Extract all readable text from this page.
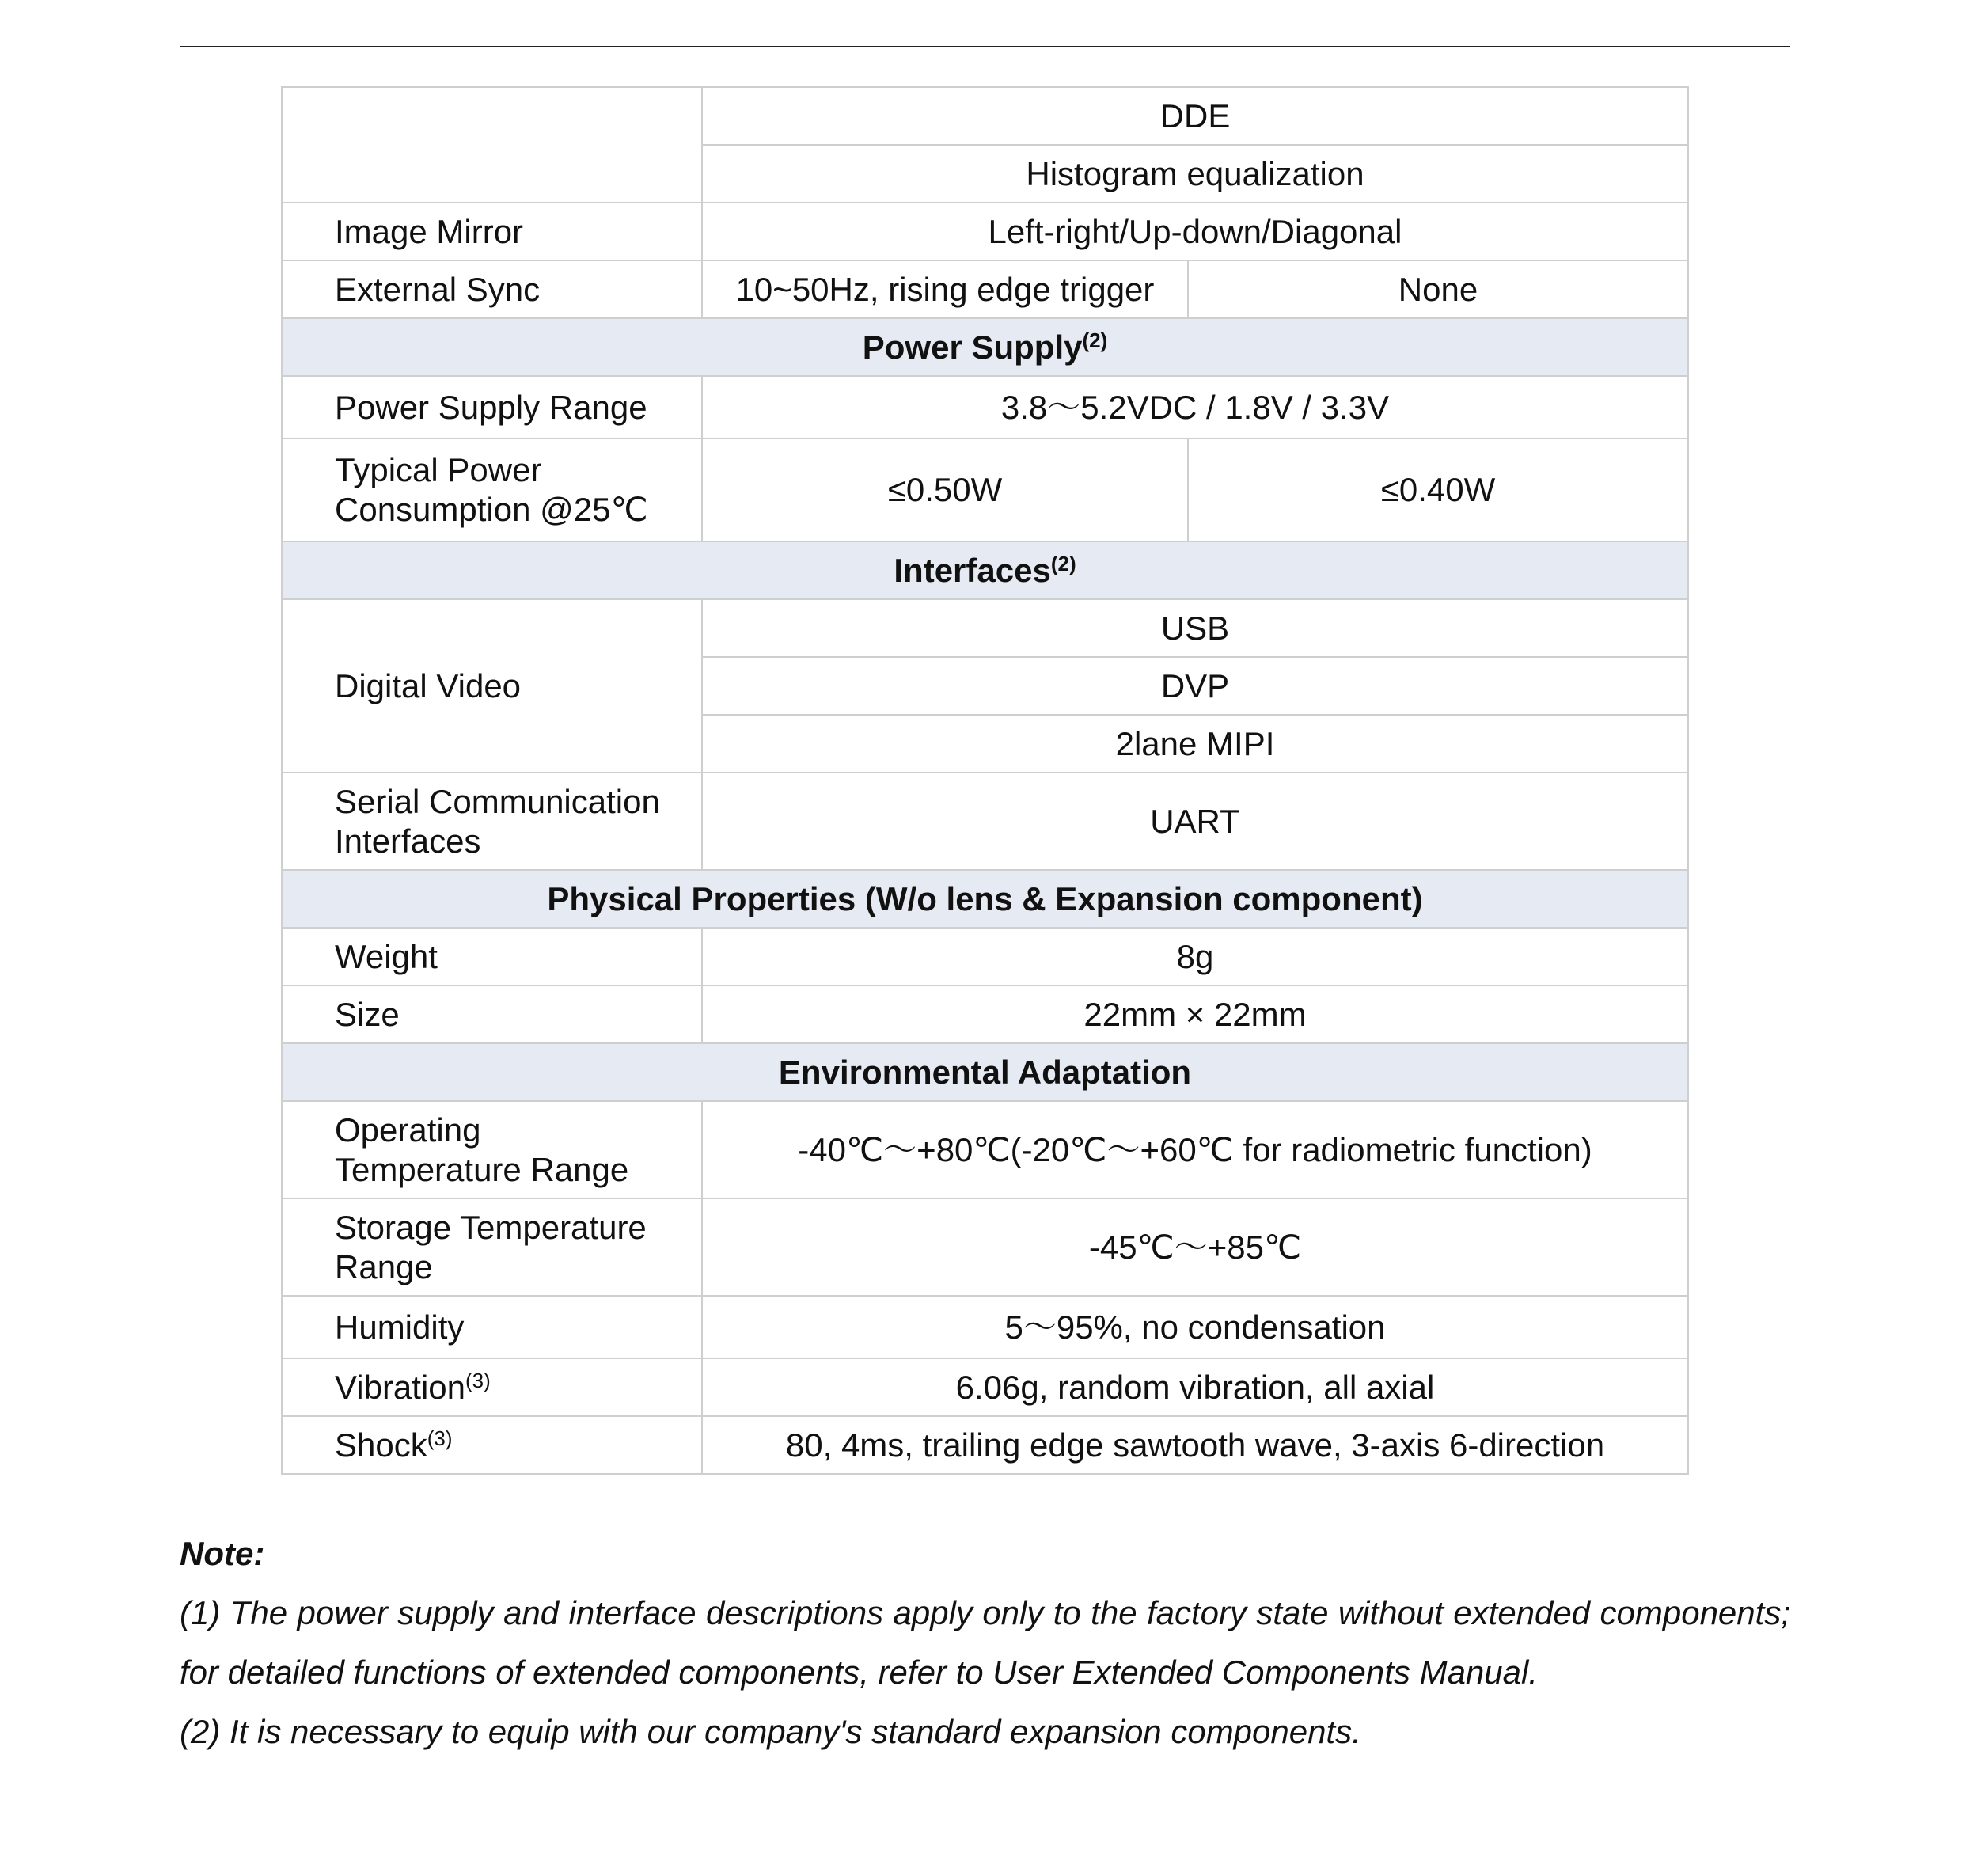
	DDE	
	Histogram equalization	
Image Mirror	Left-right/Up-down/Diagonal	
External Sync	10~50Hz, rising edge trigger	None
Power Supply$^{(2)}$
Power Supply Range	3.8～5.2VDC / 1.8V / 3.3V	

Typical Power
Consumption @25℃	≤0.50W	≤0.40W
Interfaces$^{(2)}$
Digital Video	USB	
	DVP	
	2lane MIPI	

Serial Communication
Interfaces	UART	
Physical Properties (W/o lens & Expansion component)		
Weight	8g	
Size	22mm × 22mm	
Environmental Adaptation		

Operating
Temperature Range	-40℃～+80℃(-20℃～+60℃ for radiometric function)	

Storage Temperature
Range	-45℃～+85℃	
Humidity	5～95%, no condensation	
Vibration$^{(3)}$	6.06g, random vibration, all axial	
Shock$^{(3)}$	80, 4ms, trailing edge sawtooth wave, 3-axis 6-direction	
Note:
(1) The power supply and interface descriptions apply only to the factory state without extended components; for detailed functions of extended components, refer to User Extended Components Manual.
(2) It is necessary to equip with our company's standard expansion components.
